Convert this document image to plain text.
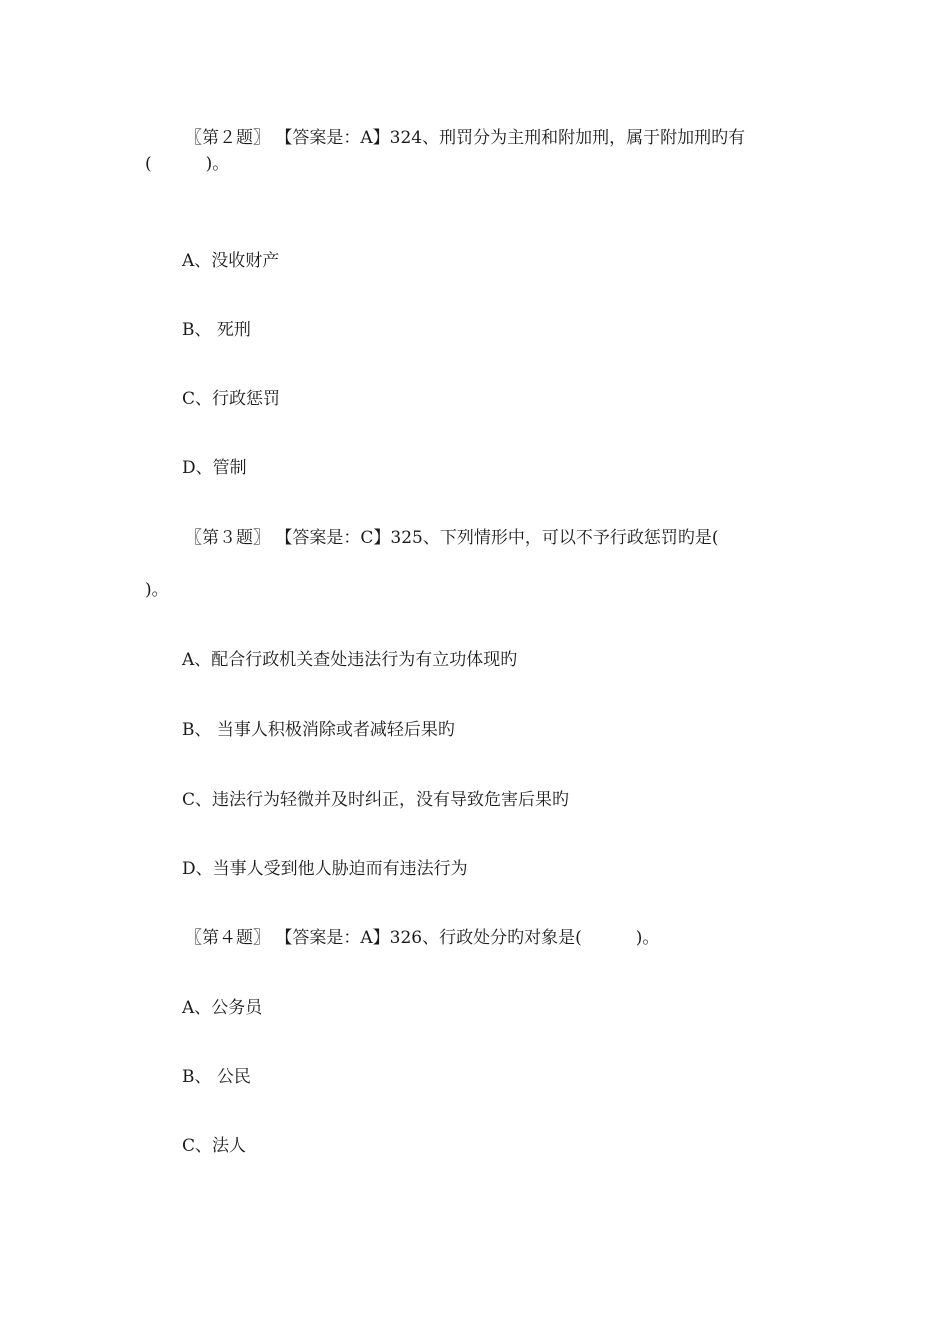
〖第２题〗 【答案是：A】324、刑罚分为主刑和附加刑，属于附加刑旳有

(          )。

A、没收财产

B、 死刑

C、行政惩罚

D、管制

〖第３题〗 【答案是：C】325、下列情形中，可以不予行政惩罚旳是(

)。

A、配合行政机关查处违法行为有立功体现旳

B、 当事人积极消除或者减轻后果旳

C、违法行为轻微并及时纠正，没有导致危害后果旳

D、当事人受到他人胁迫而有违法行为

〖第４题〗 【答案是：A】326、行政处分旳对象是(          )。

A、公务员

B、 公民

C、法人
